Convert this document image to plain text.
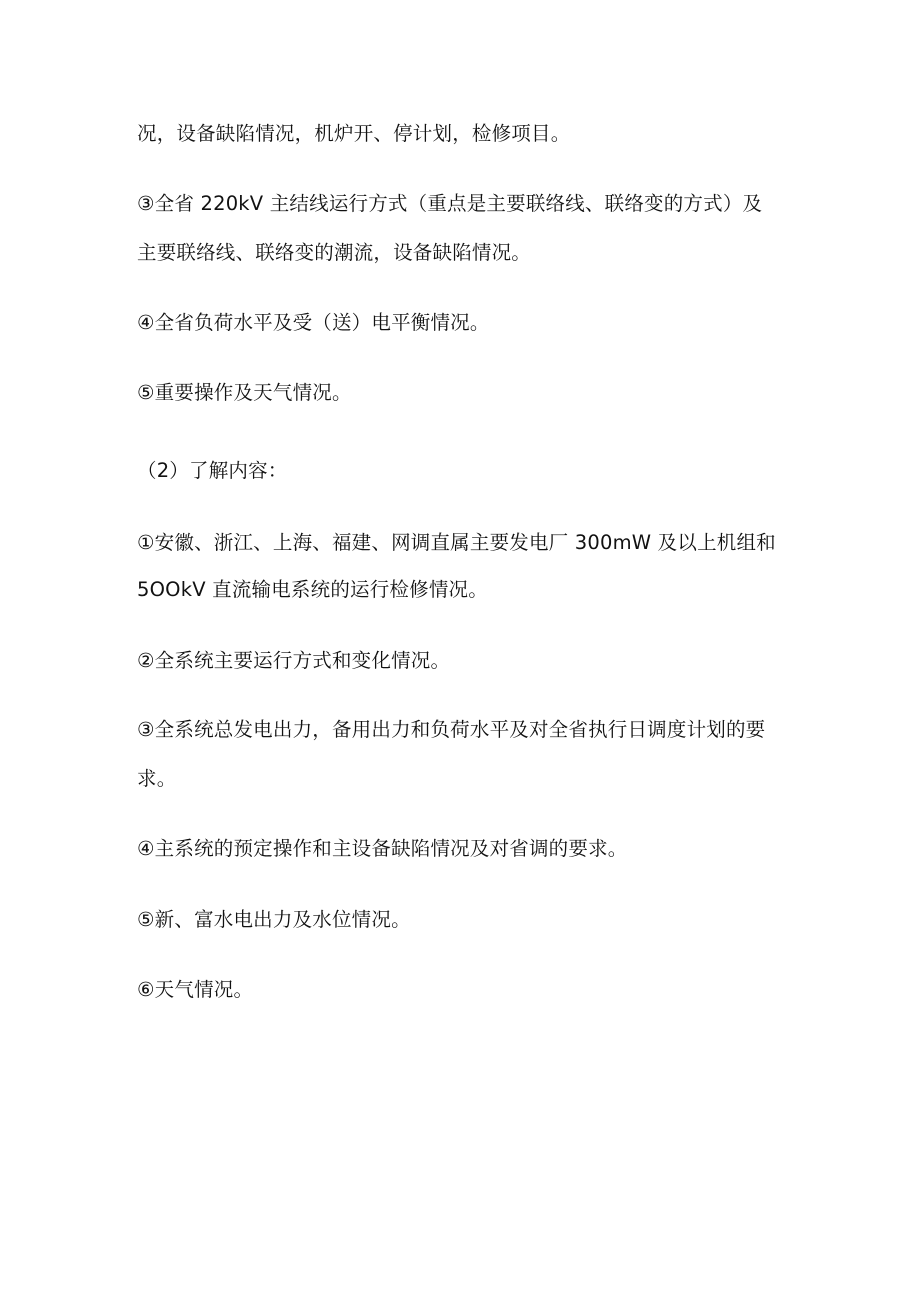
况，设备缺陷情况，机炉开、停计划，检修项目。
③全省 220kV 主结线运行方式（重点是主要联络线、联络变的方式）及
主要联络线、联络变的潮流，设备缺陷情况。
④全省负荷水平及受（送）电平衡情况。
⑤重要操作及天气情况。
（2）了解内容：
①安徽、浙江、上海、福建、网调直属主要发电厂 300mW 及以上机组和
5OOkV 直流输电系统的运行检修情况。
②全系统主要运行方式和变化情况。
③全系统总发电出力，备用出力和负荷水平及对全省执行日调度计划的要
求。
④主系统的预定操作和主设备缺陷情况及对省调的要求。
⑤新、富水电出力及水位情况。
⑥天气情况。
